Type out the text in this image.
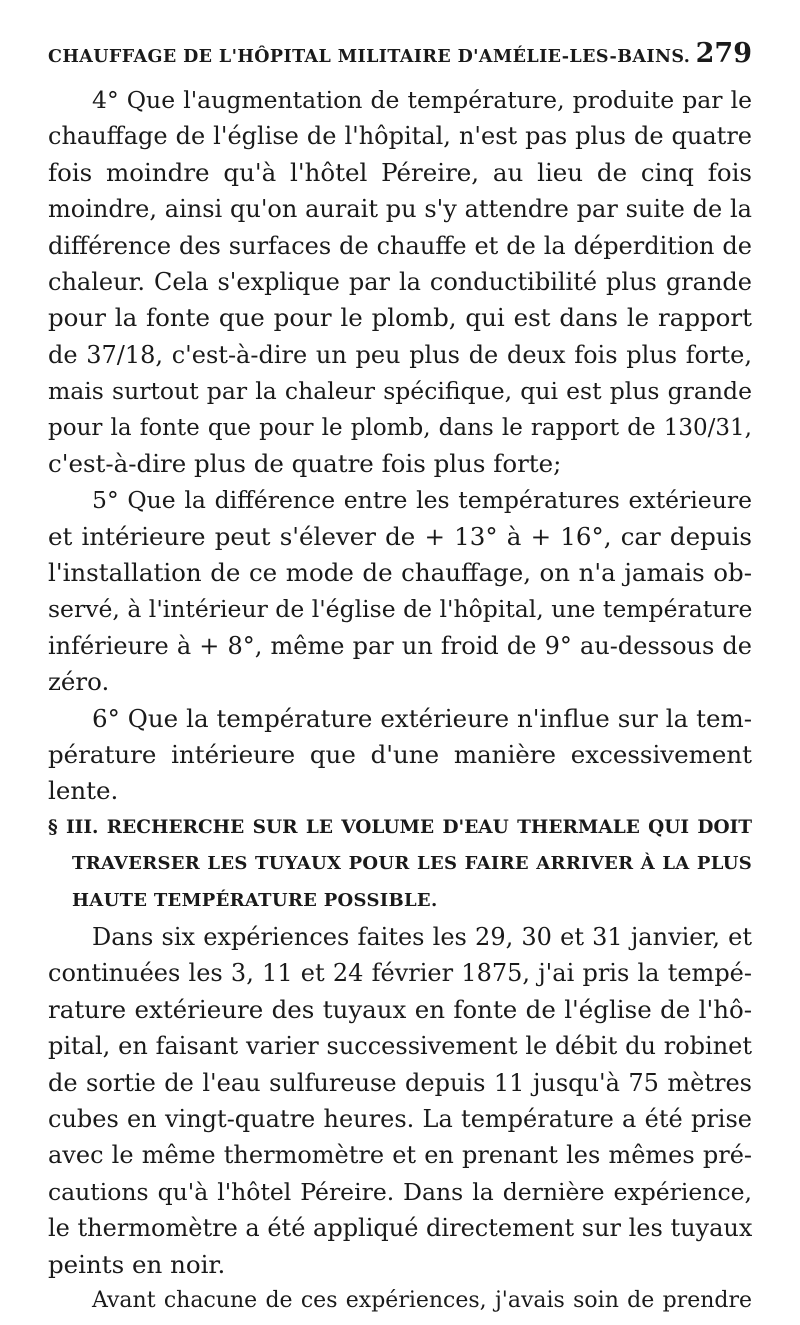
CHAUFFAGE DE L'HÔPITAL MILITAIRE D'AMÉLIE-LES-BAINS. 279
4° Que l'augmentation de température, produite par le
chauffage de l'église de l'hôpital, n'est pas plus de quatre
fois moindre qu'à l'hôtel Péreire, au lieu de cinq fois
moindre, ainsi qu'on aurait pu s'y attendre par suite de la
différence des surfaces de chauffe et de la déperdition de
chaleur. Cela s'explique par la conductibilité plus grande
pour la fonte que pour le plomb, qui est dans le rapport
de 37/18, c'est-à-dire un peu plus de deux fois plus forte,
mais surtout par la chaleur spécifique, qui est plus grande
pour la fonte que pour le plomb, dans le rapport de 130/31,
c'est-à-dire plus de quatre fois plus forte;
5° Que la différence entre les températures extérieure
et intérieure peut s'élever de + 13° à + 16°, car depuis
l'installation de ce mode de chauffage, on n'a jamais ob-
servé, à l'intérieur de l'église de l'hôpital, une température
inférieure à + 8°, même par un froid de 9° au-dessous de
zéro.
6° Que la température extérieure n'influe sur la tem-
pérature intérieure que d'une manière excessivement
lente.
§ III. RECHERCHE SUR LE VOLUME D'EAU THERMALE QUI DOIT
TRAVERSER LES TUYAUX POUR LES FAIRE ARRIVER À LA PLUS
HAUTE TEMPÉRATURE POSSIBLE.
Dans six expériences faites les 29, 30 et 31 janvier, et
continuées les 3, 11 et 24 février 1875, j'ai pris la tempé-
rature extérieure des tuyaux en fonte de l'église de l'hô-
pital, en faisant varier successivement le débit du robinet
de sortie de l'eau sulfureuse depuis 11 jusqu'à 75 mètres
cubes en vingt-quatre heures. La température a été prise
avec le même thermomètre et en prenant les mêmes pré-
cautions qu'à l'hôtel Péreire. Dans la dernière expérience,
le thermomètre a été appliqué directement sur les tuyaux
peints en noir.
Avant chacune de ces expériences, j'avais soin de prendre
